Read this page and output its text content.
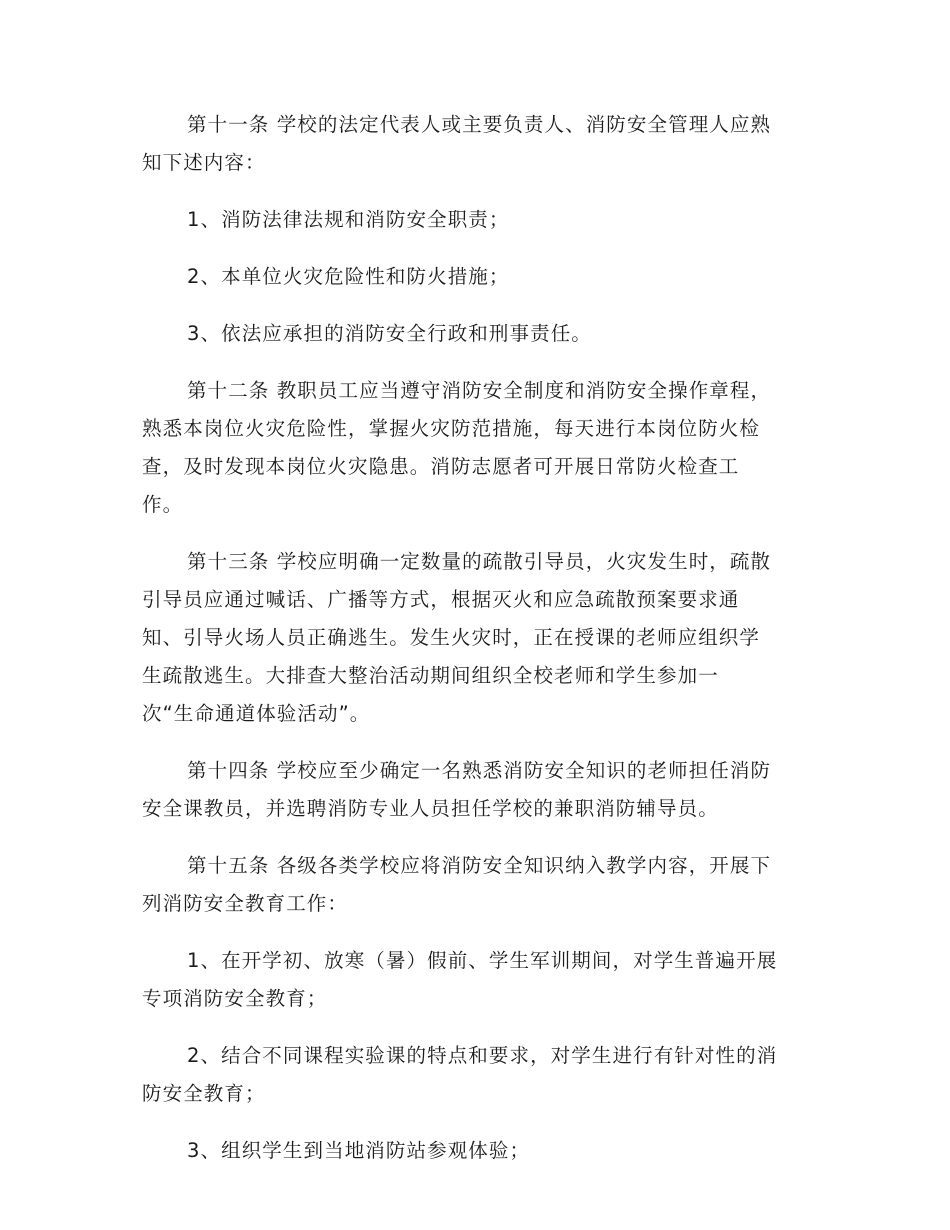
第十一条 学校的法定代表人或主要负责人、消防安全管理人应熟
知下述内容：
1、消防法律法规和消防安全职责；
2、本单位火灾危险性和防火措施；
3、依法应承担的消防安全行政和刑事责任。
第十二条 教职员工应当遵守消防安全制度和消防安全操作章程，
熟悉本岗位火灾危险性，掌握火灾防范措施，每天进行本岗位防火检
查，及时发现本岗位火灾隐患。消防志愿者可开展日常防火检查工
作。
第十三条 学校应明确一定数量的疏散引导员，火灾发生时，疏散
引导员应通过喊话、广播等方式，根据灭火和应急疏散预案要求通
知、引导火场人员正确逃生。发生火灾时，正在授课的老师应组织学
生疏散逃生。大排查大整治活动期间组织全校老师和学生参加一
次“生命通道体验活动”。
第十四条 学校应至少确定一名熟悉消防安全知识的老师担任消防
安全课教员，并选聘消防专业人员担任学校的兼职消防辅导员。
第十五条 各级各类学校应将消防安全知识纳入教学内容，开展下
列消防安全教育工作：
1、在开学初、放寒（暑）假前、学生军训期间，对学生普遍开展
专项消防安全教育；
2、结合不同课程实验课的特点和要求，对学生进行有针对性的消
防安全教育；
3、组织学生到当地消防站参观体验；
